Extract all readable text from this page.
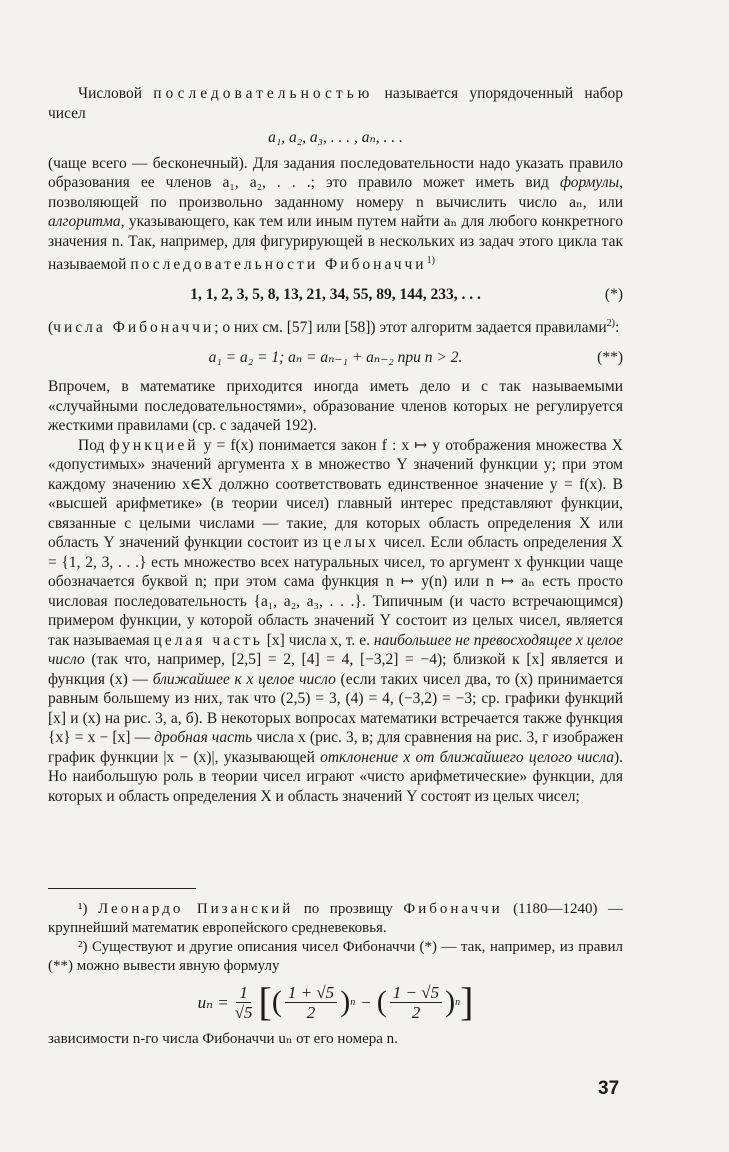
Числовой последовательностью называется упорядоченный набор чисел

a₁, a₂, a₃, . . . , aₙ, . . .

(чаще всего — бесконечный). Для задания последовательности надо указать правило образования ее членов a₁, a₂, . . .; это правило может иметь вид формулы, позволяющей по произвольно заданному номеру n вычислить число aₙ, или алгоритма, указывающего, как тем или иным путем найти aₙ для любого конкретного значения n. Так, например, для фигурирующей в нескольких из задач этого цикла так называемой последовательности Фибоначчи$^{1)}$

1, 1, 2, 3, 5, 8, 13, 21, 34, 55, 89, 144, 233, . . .	(*)

(числа Фибоначчи; о них см. [57] или [58]) этот алгоритм задается правилами$^{2)}$:

a₁ = a₂ = 1; aₙ = aₙ₋₁ + aₙ₋₂ при n > 2.	(**)

Впрочем, в математике приходится иногда иметь дело и с так называемыми «случайными последовательностями», образование членов которых не регулируется жесткими правилами (ср. с задачей 192).

Под функцией y = f(x) понимается закон f : x ↦ y отображения множества X «допустимых» значений аргумента x в множество Y значений функции y; при этом каждому значению x∈X должно соответствовать единственное значение y = f(x). В «высшей арифметике» (в теории чисел) главный интерес представляют функции, связанные с целыми числами — такие, для которых область определения X или область Y значений функции состоит из целых чисел. Если область определения X = {1, 2, 3, . . .} есть множество всех натуральных чисел, то аргумент x функции чаще обозначается буквой n; при этом сама функция n ↦ y(n) или n ↦ aₙ есть просто числовая последовательность {a₁, a₂, a₃, . . .}. Типичным (и часто встречающимся) примером функции, у которой область значений Y состоит из целых чисел, является так называемая целая часть [x] числа x, т. е. наибольшее не превосходящее x целое число (так что, например, [2,5] = 2, [4] = 4, [−3,2] = −4); близкой к [x] является и функция (x) — ближайшее к x целое число (если таких чисел два, то (x) принимается равным большему из них, так что (2,5) = 3, (4) = 4, (−3,2) = −3; ср. графики функций [x] и (x) на рис. 3, а, б). В некоторых вопросах математики встречается также функция {x} = x − [x] — дробная часть числа x (рис. 3, в; для сравнения на рис. 3, г изображен график функции |x − (x)|, указывающей отклонение x от ближайшего целого числа). Но наибольшую роль в теории чисел играют «чисто арифметические» функции, для которых и область определения X и область значений Y состоят из целых чисел;

¹) Леонардо Пизанский по прозвищу Фибоначчи (1180—1240) — крупнейший математик европейского средневековья.

²) Существуют и другие описания чисел Фибоначчи (*) — так, например, из правил (**) можно вывести явную формулу

$u_n = \frac{1}{√5}$ [ ( $\frac{1 + √5}{2}$ ) n − ( $\frac{1 - √5}{2}$ ) n ]

зависимости n-го числа Фибоначчи uₙ от его номера n.

37
